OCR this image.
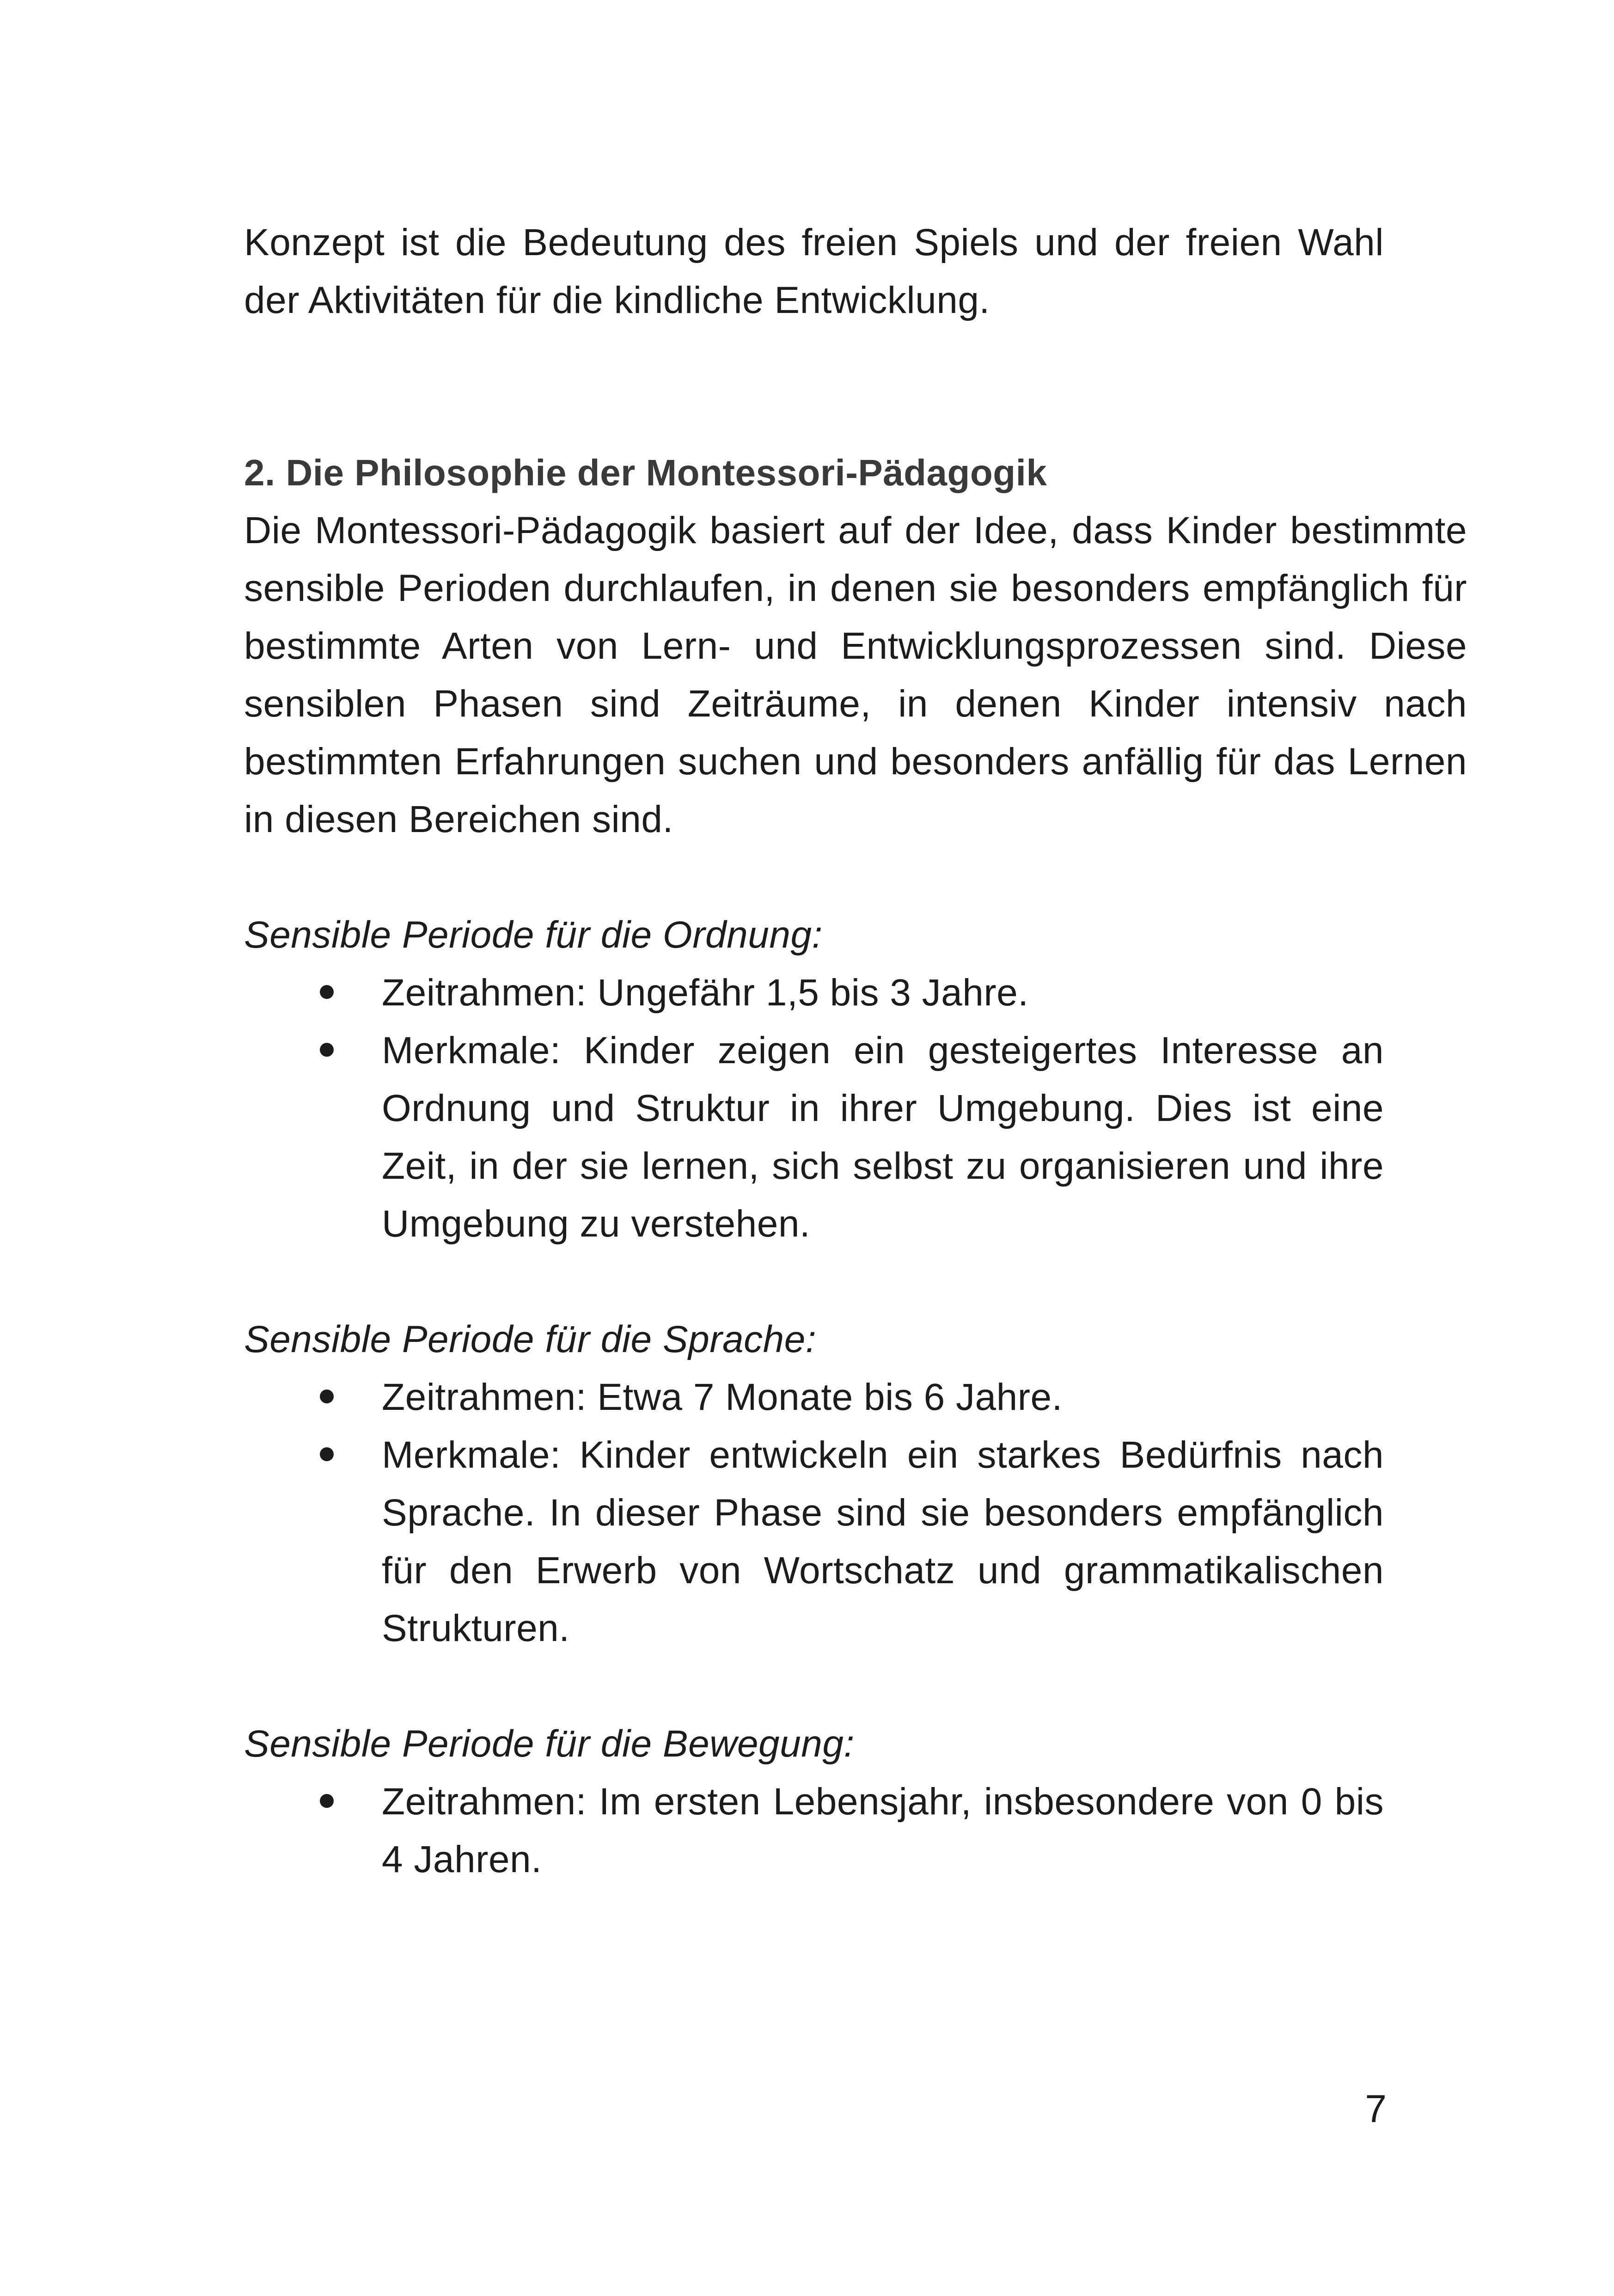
Konzept ist die Bedeutung des freien Spiels und der freien Wahl der Aktivitäten für die kindliche Entwicklung.

2. Die Philosophie der Montessori-Pädagogik

Die Montessori-Pädagogik basiert auf der Idee, dass Kinder bestimmte sensible Perioden durchlaufen, in denen sie besonders empfänglich für bestimmte Arten von Lern- und Entwicklungsprozessen sind. Diese sensiblen Phasen sind Zeiträume, in denen Kinder intensiv nach bestimmten Erfahrungen suchen und besonders anfällig für das Lernen in diesen Bereichen sind.

Sensible Periode für die Ordnung:

Zeitrahmen: Ungefähr 1,5 bis 3 Jahre.

Merkmale: Kinder zeigen ein gesteigertes Interesse an Ordnung und Struktur in ihrer Umgebung. Dies ist eine Zeit, in der sie lernen, sich selbst zu organisieren und ihre Umgebung zu verstehen.

Sensible Periode für die Sprache:

Zeitrahmen: Etwa 7 Monate bis 6 Jahre.

Merkmale: Kinder entwickeln ein starkes Bedürfnis nach Sprache. In dieser Phase sind sie besonders empfänglich für den Erwerb von Wortschatz und grammatikalischen Strukturen.

Sensible Periode für die Bewegung:

Zeitrahmen: Im ersten Lebensjahr, insbesondere von 0 bis 4 Jahren.

7
